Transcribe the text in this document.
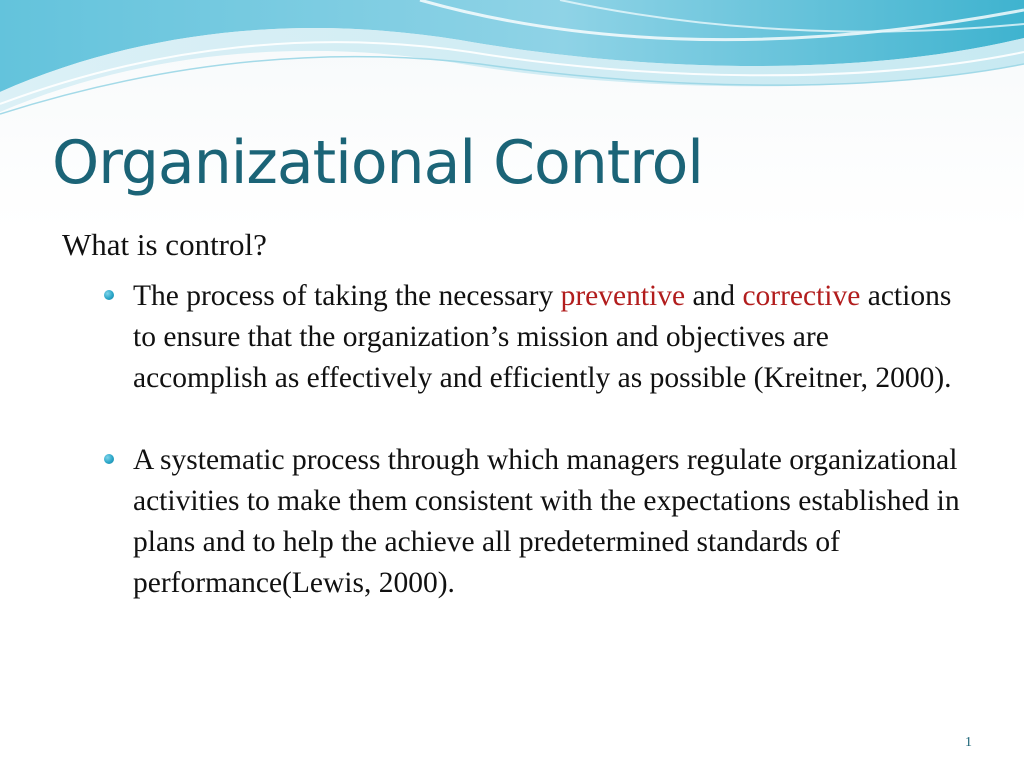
Organizational Control
What is control?
The process of taking the necessary preventive and corrective actions to ensure that the organization’s mission and objectives are accomplish as effectively and efficiently as possible (Kreitner, 2000).
A systematic process through which managers regulate organizational activities to make them consistent with the expectations established in plans and to help the achieve all predetermined standards of performance(Lewis, 2000).
1
